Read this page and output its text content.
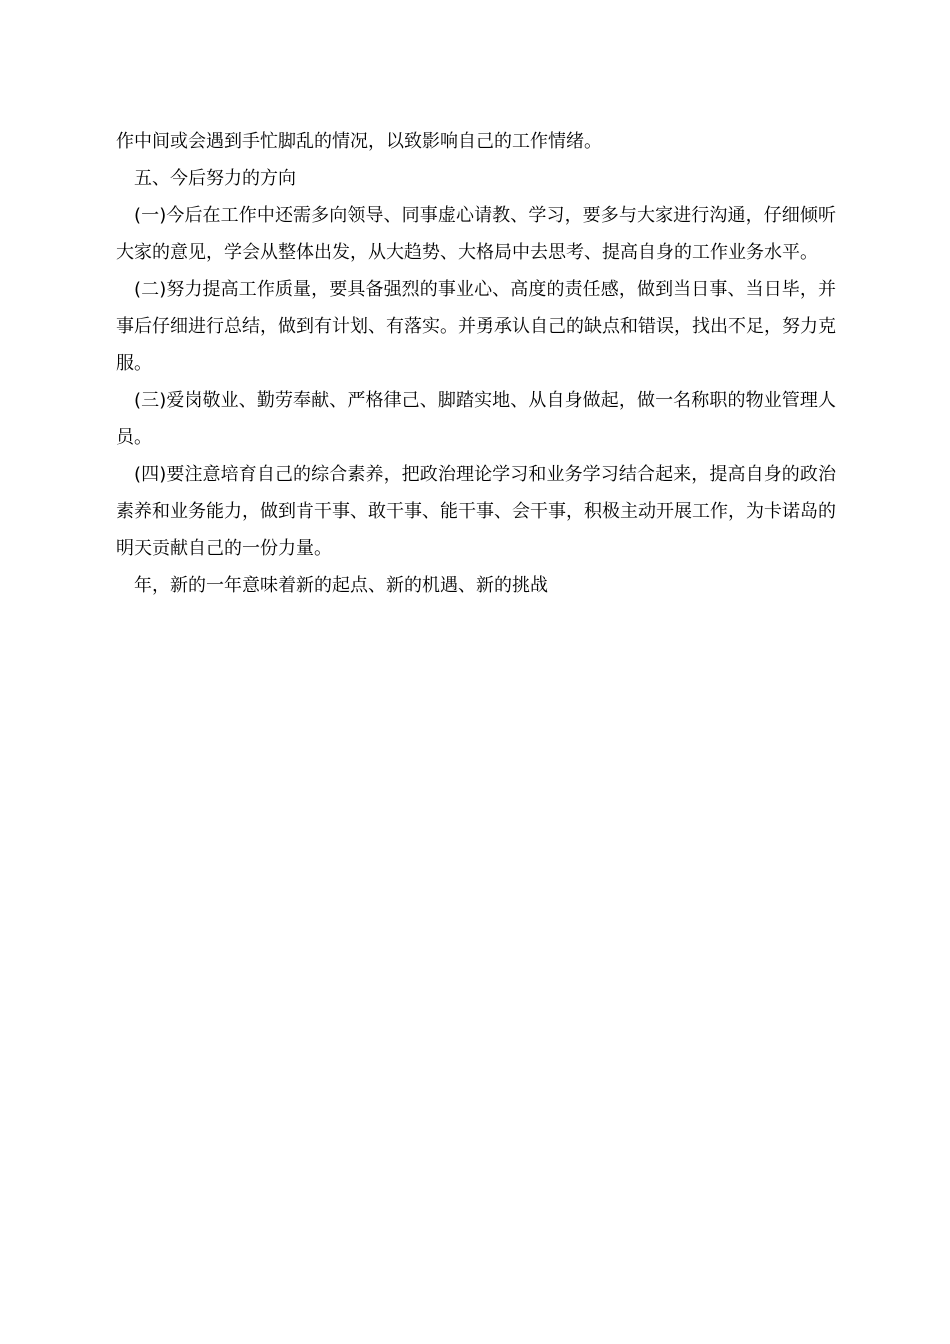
作中间或会遇到手忙脚乱的情况，以致影响自己的工作情绪。

五、今后努力的方向

(一)今后在工作中还需多向领导、同事虚心请教、学习，要多与大家进行沟通，仔细倾听大家的意见，学会从整体出发，从大趋势、大格局中去思考、提高自身的工作业务水平。

(二)努力提高工作质量，要具备强烈的事业心、高度的责任感，做到当日事、当日毕，并事后仔细进行总结，做到有计划、有落实。并勇承认自己的缺点和错误，找出不足，努力克服。

(三)爱岗敬业、勤劳奉献、严格律己、脚踏实地、从自身做起，做一名称职的物业管理人员。

(四)要注意培育自己的综合素养，把政治理论学习和业务学习结合起来，提高自身的政治素养和业务能力，做到肯干事、敢干事、能干事、会干事，积极主动开展工作，为卡诺岛的明天贡献自己的一份力量。

年，新的一年意味着新的起点、新的机遇、新的挑战
